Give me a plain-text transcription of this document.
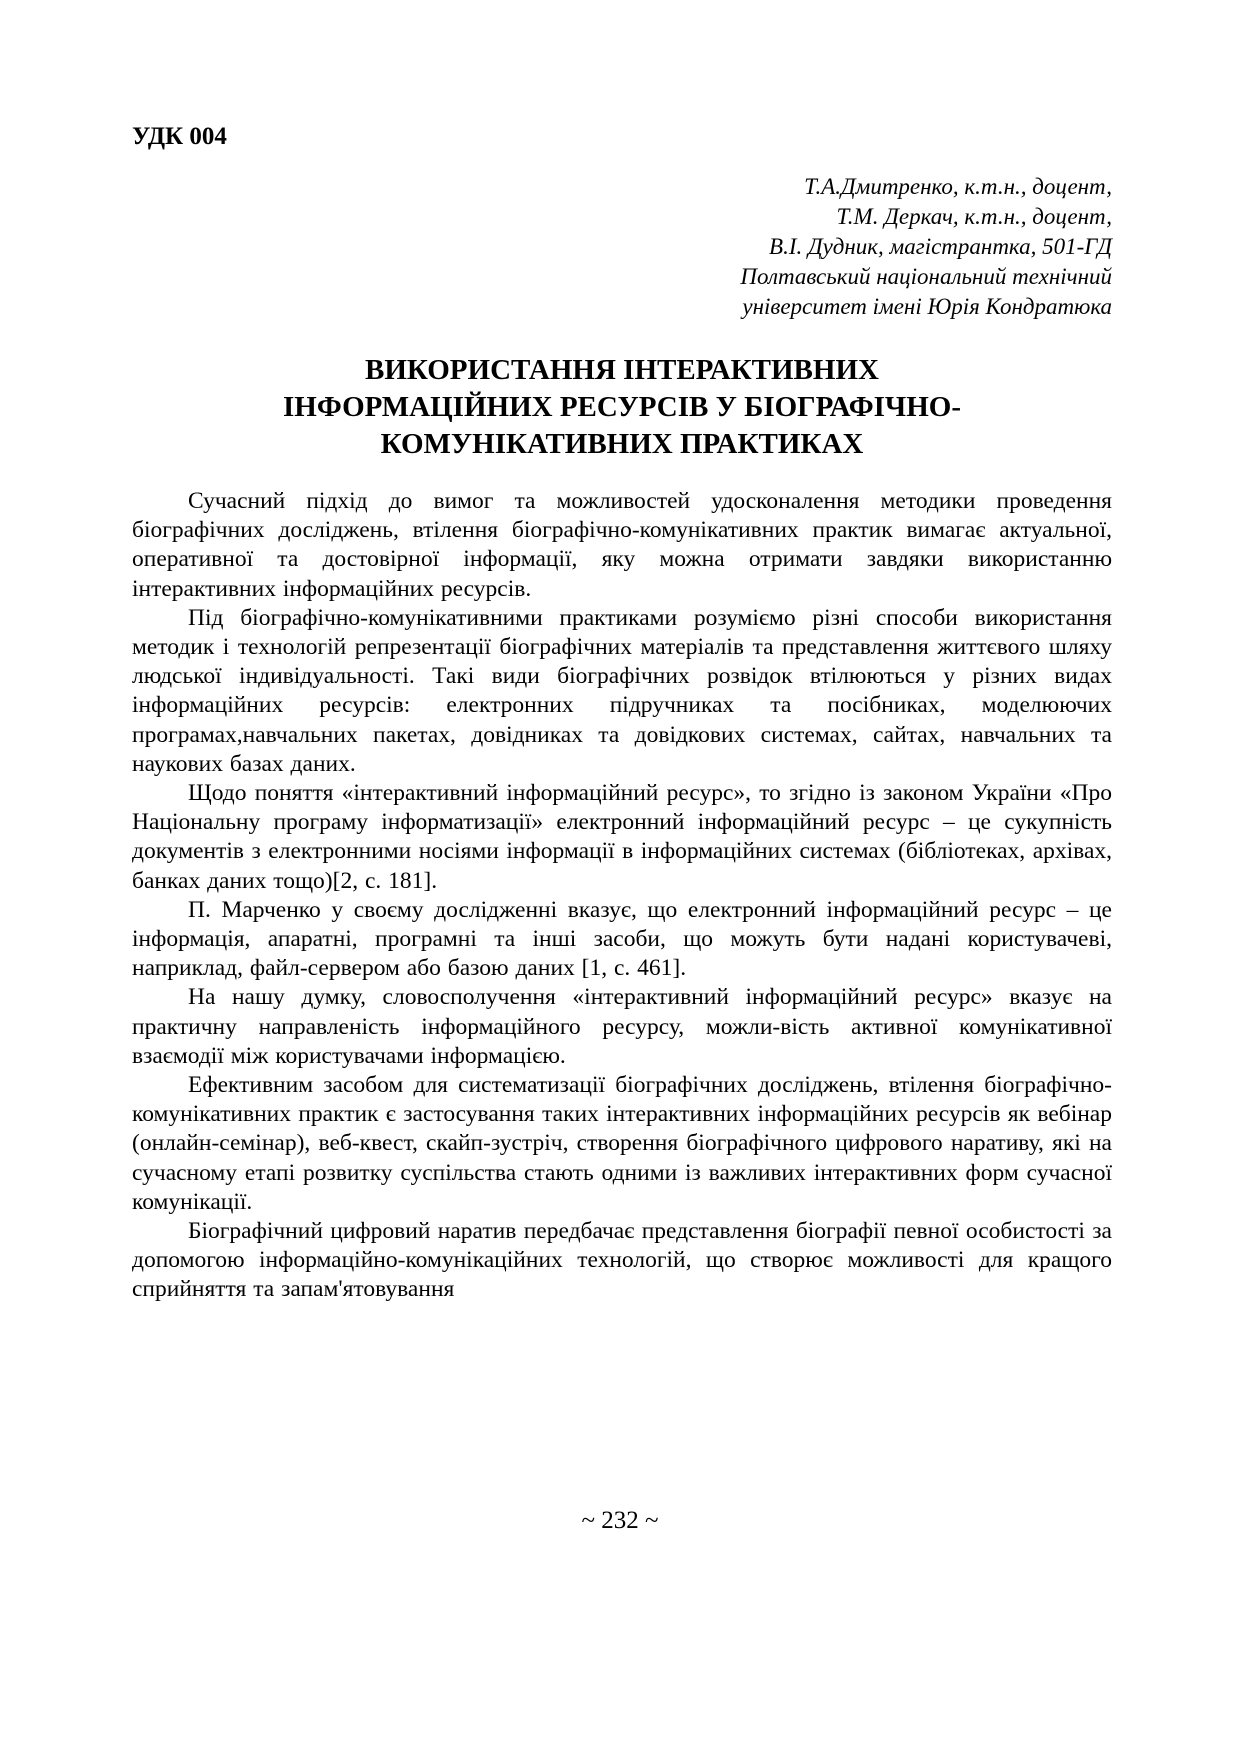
УДК 004
Т.А.Дмитренко, к.т.н., доцент,
Т.М. Деркач, к.т.н., доцент,
В.І. Дудник, магістрантка, 501-ГД
Полтавський національний технічний
університет імені Юрія Кондратюка
ВИКОРИСТАННЯ ІНТЕРАКТИВНИХ
ІНФОРМАЦІЙНИХ РЕСУРСІВ У БІОГРАФІЧНО-
КОМУНІКАТИВНИХ ПРАКТИКАХ

Сучасний підхід до вимог та можливостей удосконалення методики проведення біографічних досліджень, втілення біографічно-комунікативних практик вимагає актуальної, оперативної та достовірної інформації, яку можна отримати завдяки використанню інтерактивних інформаційних ресурсів.

Під біографічно-комунікативними практиками розуміємо різні способи використання методик і технологій репрезентації біографічних матеріалів та представлення життєвого шляху людської індивідуальності. Такі види біографічних розвідок втілюються у різних видах інформаційних ресурсів: електронних підручниках та посібниках, моделюючих програмах,навчальних пакетах, довідниках та довідкових системах, сайтах, навчальних та наукових базах даних.

Щодо поняття «інтерактивний інформаційний ресурс», то згідно із законом України «Про Національну програму інформатизації» електронний інформаційний ресурс – це сукупність документів з електронними носіями інформації в інформаційних системах (бібліотеках, архівах, банках даних тощо)[2, с. 181].

П. Марченко у своєму дослідженні вказує, що електронний інформаційний ресурс – це інформація, апаратні, програмні та інші засоби, що можуть бути надані користувачеві, наприклад, файл-сервером або базою даних [1, с. 461].

На нашу думку, словосполучення «інтерактивний інформаційний ресурс» вказує на практичну направленість інформаційного ресурсу, можли-вість активної комунікативної взаємодії між користувачами інформацією.

Ефективним засобом для систематизації біографічних досліджень, втілення біографічно-комунікативних практик є застосування таких інтерактивних інформаційних ресурсів як вебінар (онлайн-семінар), веб-квест, скайп-зустріч, створення біографічного цифрового наративу, які на сучасному етапі розвитку суспільства стають одними із важливих інтерактивних форм сучасної комунікації.

Біографічний цифровий наратив передбачає представлення біографії певної особистості за допомогою інформаційно-комунікаційних технологій, що створює можливості для кращого сприйняття та запам'ятовування

~ 232 ~
